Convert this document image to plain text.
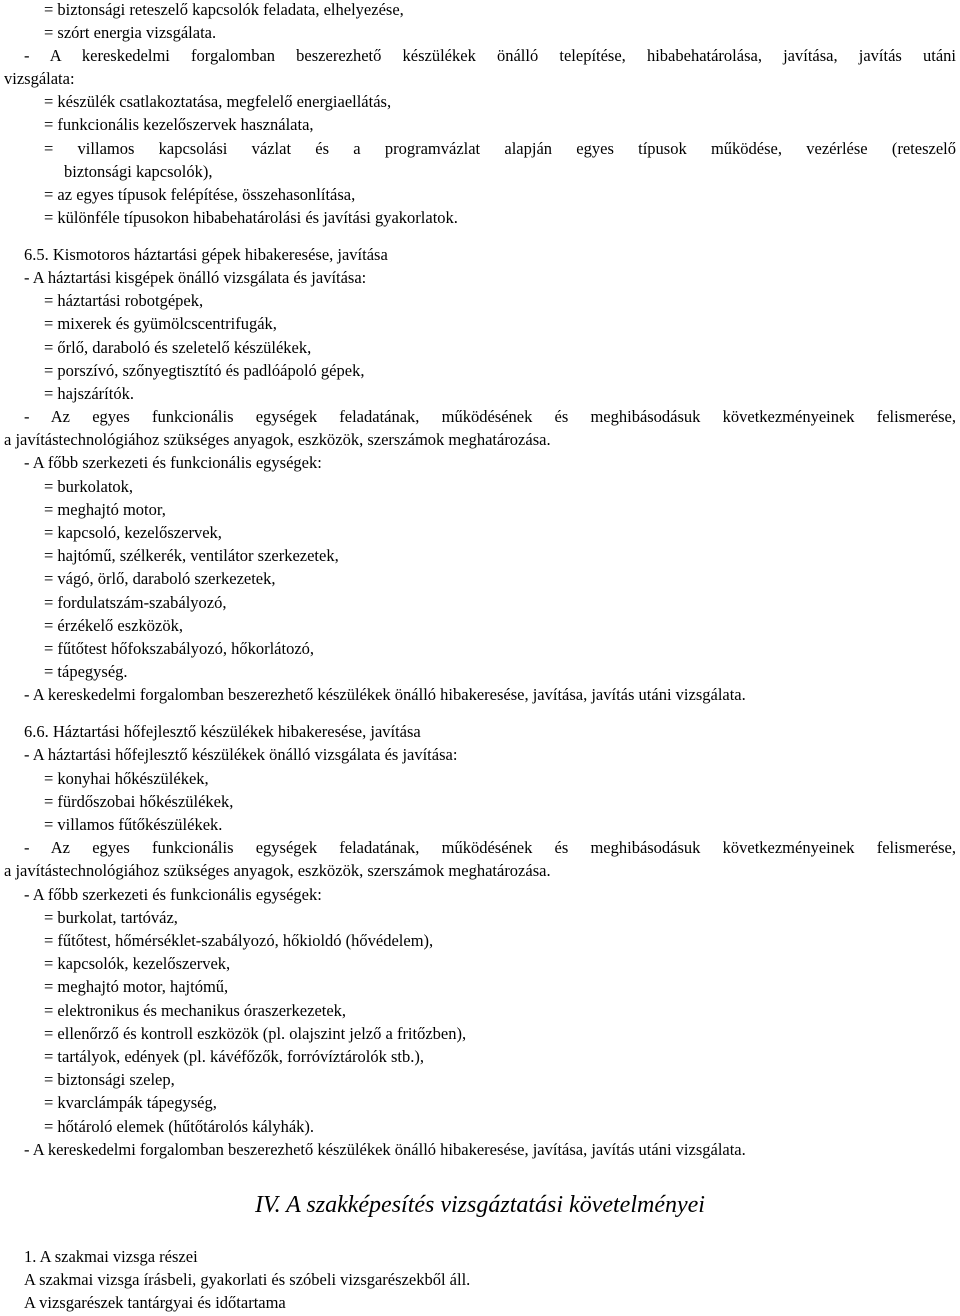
= biztonsági reteszelő kapcsolók feladata, elhelyezése,
= szórt energia vizsgálata.
- A kereskedelmi forgalomban beszerezhető készülékek önálló telepítése, hibabehatárolása, javítása, javítás utáni
vizsgálata:
= készülék csatlakoztatása, megfelelő energiaellátás,
= funkcionális kezelőszervek használata,
= villamos kapcsolási vázlat és a programvázlat alapján egyes típusok működése, vezérlése (reteszelő
biztonsági kapcsolók),
= az egyes típusok felépítése, összehasonlítása,
= különféle típusokon hibabehatárolási és javítási gyakorlatok.
6.5. Kismotoros háztartási gépek hibakeresése, javítása
- A háztartási kisgépek önálló vizsgálata és javítása:
= háztartási robotgépek,
= mixerek és gyümölcscentrifugák,
= őrlő, daraboló és szeletelő készülékek,
= porszívó, szőnyegtisztító és padlóápoló gépek,
= hajszárítók.
- Az egyes funkcionális egységek feladatának, működésének és meghibásodásuk következményeinek felismerése,
a javítástechnológiához szükséges anyagok, eszközök, szerszámok meghatározása.
- A főbb szerkezeti és funkcionális egységek:
= burkolatok,
= meghajtó motor,
= kapcsoló, kezelőszervek,
= hajtómű, szélkerék, ventilátor szerkezetek,
= vágó, örlő, daraboló szerkezetek,
= fordulatszám-szabályozó,
= érzékelő eszközök,
= fűtőtest hőfokszabályozó, hőkorlátozó,
= tápegység.
- A kereskedelmi forgalomban beszerezhető készülékek önálló hibakeresése, javítása, javítás utáni vizsgálata.
6.6. Háztartási hőfejlesztő készülékek hibakeresése, javítása
- A háztartási hőfejlesztő készülékek önálló vizsgálata és javítása:
= konyhai hőkészülékek,
= fürdőszobai hőkészülékek,
= villamos fűtőkészülékek.
- Az egyes funkcionális egységek feladatának, működésének és meghibásodásuk következményeinek felismerése,
a javítástechnológiához szükséges anyagok, eszközök, szerszámok meghatározása.
- A főbb szerkezeti és funkcionális egységek:
= burkolat, tartóváz,
= fűtőtest, hőmérséklet-szabályozó, hőkioldó (hővédelem),
= kapcsolók, kezelőszervek,
= meghajtó motor, hajtómű,
= elektronikus és mechanikus óraszerkezetek,
= ellenőrző és kontroll eszközök (pl. olajszint jelző a fritőzben),
= tartályok, edények (pl. kávéfőzők, forróvíztárolók stb.),
= biztonsági szelep,
= kvarclámpák tápegység,
= hőtároló elemek (hűtőtárolós kályhák).
- A kereskedelmi forgalomban beszerezhető készülékek önálló hibakeresése, javítása, javítás utáni vizsgálata.
IV. A szakképesítés vizsgáztatási követelményei
1. A szakmai vizsga részei
A szakmai vizsga írásbeli, gyakorlati és szóbeli vizsgarészekből áll.
A vizsgarészek tantárgyai és időtartama
